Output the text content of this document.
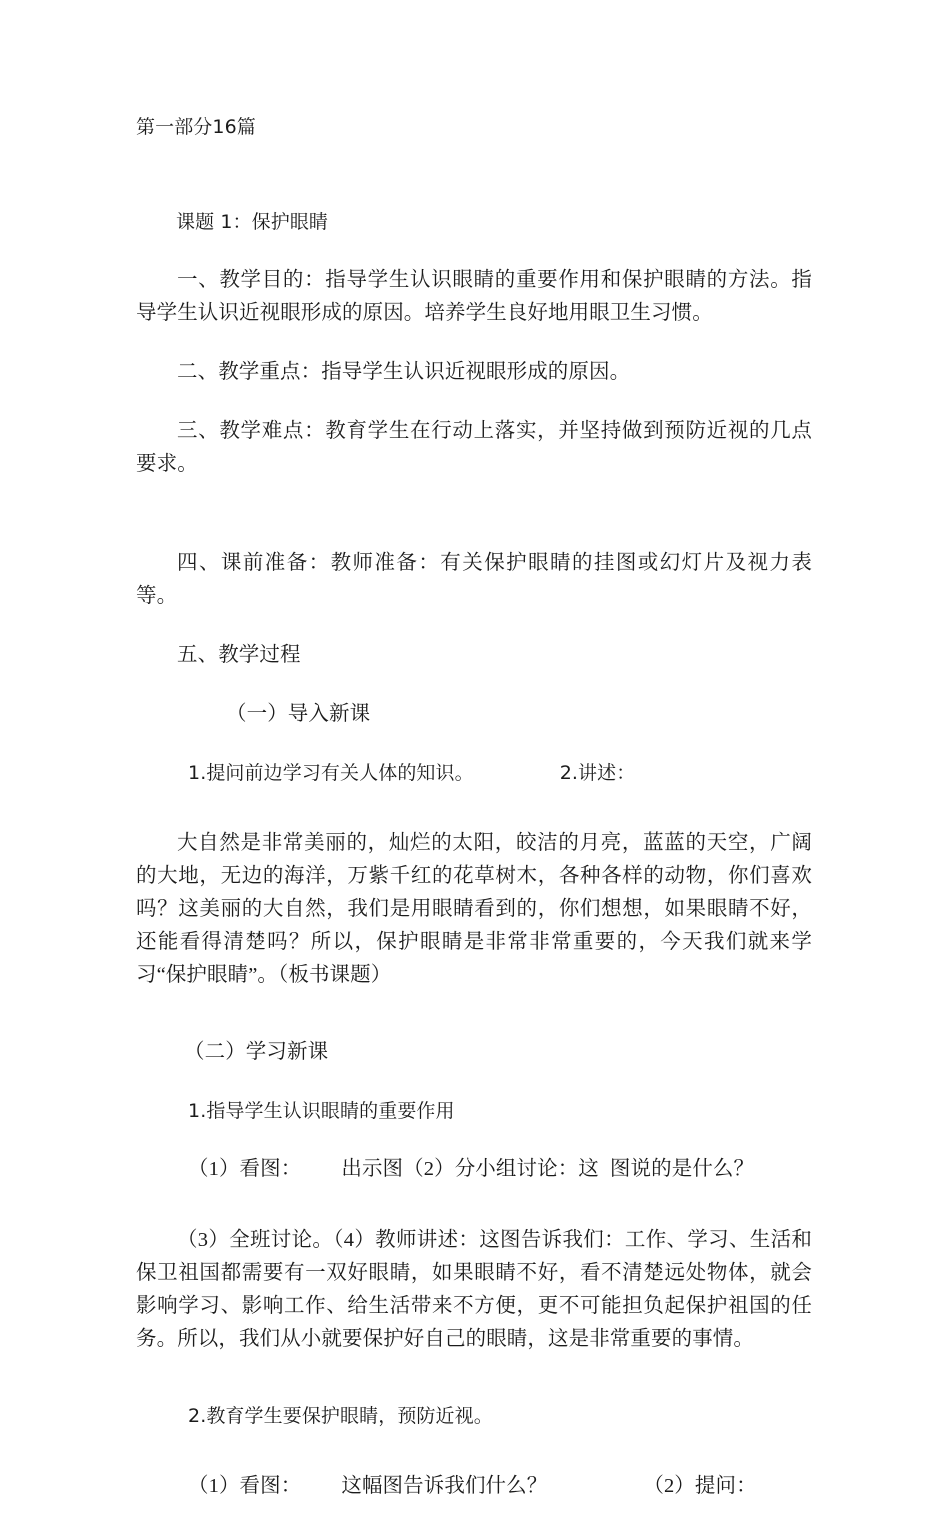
第一部分16篇

课题 1：保护眼睛

一、教学目的：指导学生认识眼睛的重要作用和保护眼睛的方法。指导学生认识近视眼形成的原因。培养学生良好地用眼卫生习惯。

二、教学重点：指导学生认识近视眼形成的原因。

三、教学难点：教育学生在行动上落实，并坚持做到预防近视的几点要求。

四、课前准备：教师准备：有关保护眼睛的挂图或幻灯片及视力表等。

五、教学过程

（一）导入新课

1.提问前边学习有关人体的知识。	2.讲述：

大自然是非常美丽的，灿烂的太阳，皎洁的月亮，蓝蓝的天空，广阔的大地，无边的海洋，万紫千红的花草树木，各种各样的动物，你们喜欢吗？这美丽的大自然，我们是用眼睛看到的，你们想想，如果眼睛不好，还能看得清楚吗？所以，保护眼睛是非常非常重要的，今天我们就来学习“保护眼睛”。（板书课题）

（二）学习新课

1.指导学生认识眼睛的重要作用

（1）看图： 出示图（2）分小组讨论：这 图说的是什么？

（3）全班讨论。（4）教师讲述：这图告诉我们：工作、学习、生活和保卫祖国都需要有一双好眼睛，如果眼睛不好，看不清楚远处物体，就会影响学习、影响工作、给生活带来不方便，更不可能担负起保护祖国的任务。所以，我们从小就要保护好自己的眼睛，这是非常重要的事情。

2.教育学生要保护眼睛，预防近视。

（1）看图： 这幅图告诉我们什么？	（2）提问：
